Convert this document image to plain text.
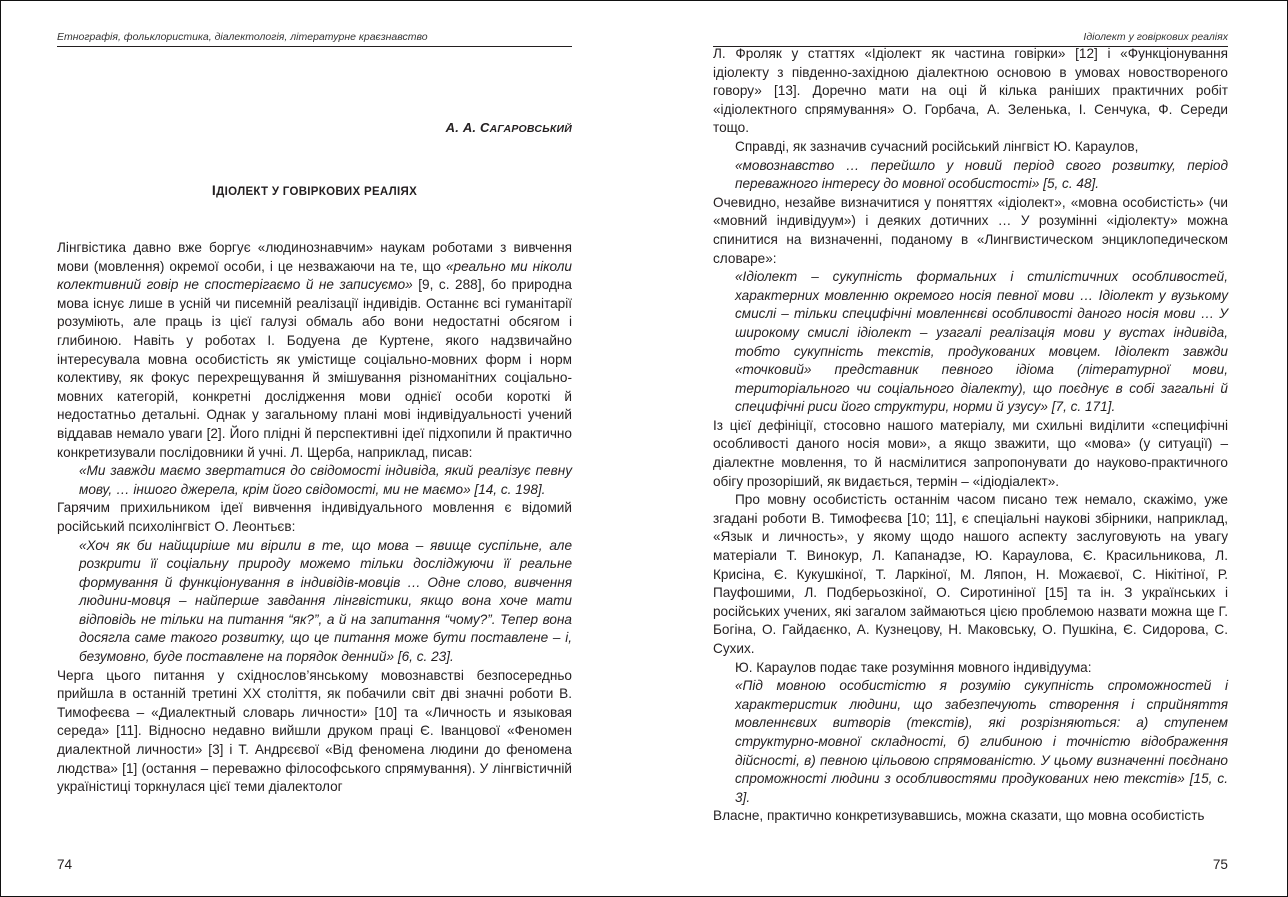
Етнографія, фольклористика, діалектологія, літературне краєзнавство
А. А. САГАРОВСЬКИЙ
ІДІОЛЕКТ У ГОВІРКОВИХ РЕАЛІЯХ

Лінгвістика давно вже боргує «людинознавчим» наукам роботами з вивчення мови (мовлення) окремої особи, і це незважаючи на те, що «реально ми ніколи колективний говір не спостерігаємо й не записуємо» [9, с. 288], бо природна мова існує лише в усній чи писемній реалізації індивідів. Останнє всі гуманітарії розуміють, але праць із цієї галузі обмаль або вони недостатні обсягом і глибиною. Навіть у роботах І. Бодуена де Куртене, якого надзвичайно інтересувала мовна особистість як умістище соціально-мовних форм і норм колективу, як фокус перехрещування й змішування різноманітних соціально-мовних категорій, конкретні дослідження мови однієї особи короткі й недостатньо детальні. Однак у загальному плані мові індивідуальності учений віддавав немало уваги [2]. Його плідні й перспективні ідеї підхопили й практично конкретизували послідовники й учні. Л. Щерба, наприклад, писав:

«Ми завжди маємо звертатися до свідомості індивіда, який реалізує певну мову, … іншого джерела, крім його свідомості, ми не маємо» [14, с. 198].

Гарячим прихильником ідеї вивчення індивідуального мовлення є відомий російський психолінгвіст О. Леонтьєв:

«Хоч як би найщиріше ми вірили в те, що мова – явище суспільне, але розкрити її соціальну природу можемо тільки досліджуючи її реальне формування й функціонування в індивідів-мовців … Одне слово, вивчення людини-мовця – найперше завдання лінгвістики, якщо вона хоче мати відповідь не тільки на питання “як?”, а й на запитання “чому?”. Тепер вона досягла саме такого розвитку, що це питання може бути поставлене – і, безумовно, буде поставлене на порядок денний» [6, с. 23].

Черга цього питання у східнослов’янському мовознавстві безпосередньо прийшла в останній третині ХХ століття, як побачили світ дві значні роботи В. Тимофеєва – «Диалектный словарь личности» [10] та «Личность и языковая середа» [11]. Відносно недавно вийшли друком праці Є. Іванцової «Феномен диалектной личности» [3] і Т. Андрєєвої «Від феномена людини до феномена людства» [1] (остання – переважно філософського спрямування). У лінгвістичній україністиці торкнулася цієї теми діалектолог

74
Ідіолект у говіркових реаліях

Л. Фроляк у статтях «Ідіолект як частина говірки» [12] і «Функціонування ідіолекту з південно-західною діалектною основою в умовах новоствореного говору» [13]. Доречно мати на оці й кілька раніших практичних робіт «ідіолектного спрямування» О. Горбача, А. Зеленька, І. Сенчука, Ф. Середи тощо.

Справді, як зазначив сучасний російський лінгвіст Ю. Караулов,

«мовознавство … перейшло у новий період свого розвитку, період переважного інтересу до мовної особистості» [5, с. 48].

Очевидно, незайве визначитися у поняттях «ідіолект», «мовна особистість» (чи «мовний індивідуум») і деяких дотичних … У розумінні «ідіолекту» можна спинитися на визначенні, поданому в «Лингвистическом энциклопедическом словаре»:

«Ідіолект – сукупність формальних і стилістичних особливостей, характерних мовленню окремого носія певної мови … Ідіолект у вузькому смислі – тільки специфічні мовленнєві особливості даного носія мови … У широкому смислі ідіолект – узагалі реалізація мови у вустах індивіда, тобто сукупність текстів, продукованих мовцем. Ідіолект завжди «точковий» представник певного ідіома (літературної мови, територіального чи соціального діалекту), що поєднує в собі загальні й специфічні риси його структури, норми й узусу» [7, с. 171].

Із цієї дефініції, стосовно нашого матеріалу, ми схильні виділити «специфічні особливості даного носія мови», а якщо зважити, що «мова» (у ситуації) – діалектне мовлення, то й насмілитися запропонувати до науково-практичного обігу прозоріший, як видається, термін – «ідіодіалект».

Про мовну особистість останнім часом писано теж немало, скажімо, уже згадані роботи В. Тимофеєва [10; 11], є спеціальні наукові збірники, наприклад, «Язык и личность», у якому щодо нашого аспекту заслуговують на увагу матеріали Т. Винокур, Л. Капанадзе, Ю. Караулова, Є. Красильникова, Л. Крисіна, Є. Кукушкіної, Т. Ларкіної, М. Ляпон, Н. Можаєвої, С. Нікітіної, Р. Пауфошими, Л. Подберьозкіної, О. Сиротиніної [15] та ін. З українських і російських учених, які загалом займаються цією проблемою назвати можна ще Г. Богіна, О. Гайдаєнко, А. Кузнецову, Н. Маковську, О. Пушкіна, Є. Сидорова, С. Сухих.

Ю. Караулов подає таке розуміння мовного індивідуума:

«Під мовною особистістю я розумію сукупність спроможностей і характеристик людини, що забезпечують створення і сприйняття мовленнєвих витворів (текстів), які розрізняються: а) ступенем структурно-мовної складності, б) глибиною і точністю відображення дійсності, в) певною цільовою спрямованістю. У цьому визначенні поєднано спроможності людини з особливостями продукованих нею текстів» [15, с. 3].

Власне, практично конкретизувавшись, можна сказати, що мовна особистість

75
